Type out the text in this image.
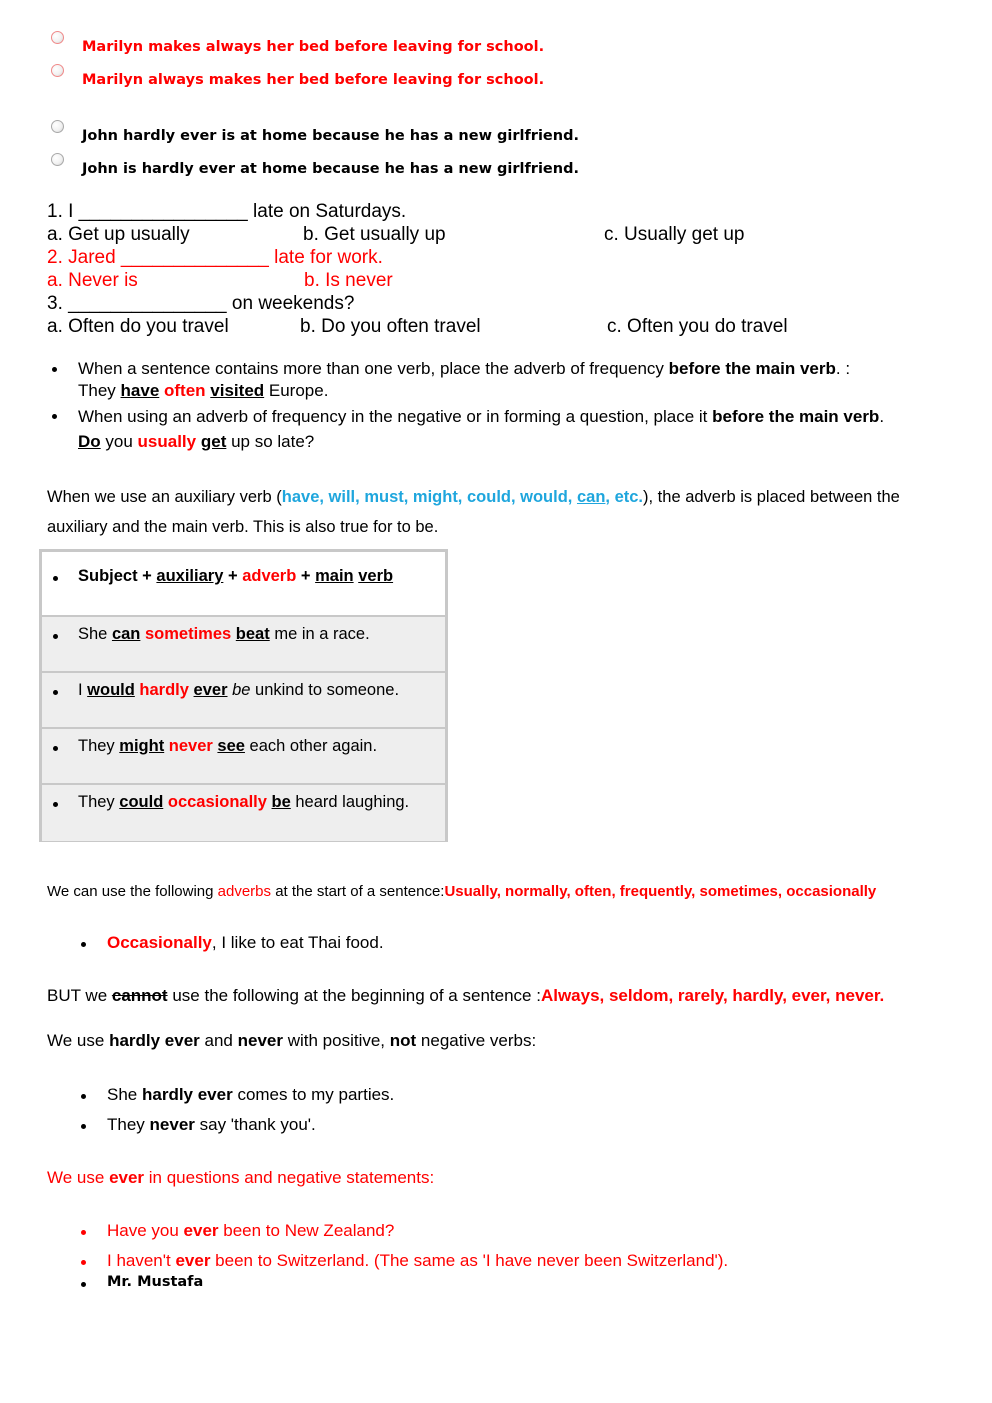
Marilyn makes always her bed before leaving for school.
Marilyn always makes her bed before leaving for school.
John hardly ever is at home because he has a new girlfriend.
John is hardly ever at home because he has a new girlfriend.
1. I ________________ late on Saturdays.
a. Get up usually	b. Get usually up	c. Usually get up
2. Jared ______________ late for work.
a. Never is	b. Is never
3. _______________ on weekends?
a. Often do you travel	b. Do you often travel	c. Often you do travel
When a sentence contains more than one verb, place the adverb of frequency before the main verb. :
They have often visited Europe.
When using an adverb of frequency in the negative or in forming a question, place it before the main verb.
Do you usually get up so late?
When we use an auxiliary verb (have, will, must, might, could, would, can, etc.), the adverb is placed between the
auxiliary and the main verb. This is also true for to be.
Subject + auxiliary + adverb + main verb
She can sometimes beat me in a race.
I would hardly ever be unkind to someone.
They might never see each other again.
They could occasionally be heard laughing.
We can use the following adverbs at the start of a sentence:Usually, normally, often, frequently, sometimes, occasionally
Occasionally, I like to eat Thai food.
BUT we cannot use the following at the beginning of a sentence :Always, seldom, rarely, hardly, ever, never.
We use hardly ever and never with positive, not negative verbs:
She hardly ever comes to my parties.
They never say 'thank you'.
We use ever in questions and negative statements:
Have you ever been to New Zealand?
I haven't ever been to Switzerland. (The same as 'I have never been Switzerland').
Mr. Mustafa
